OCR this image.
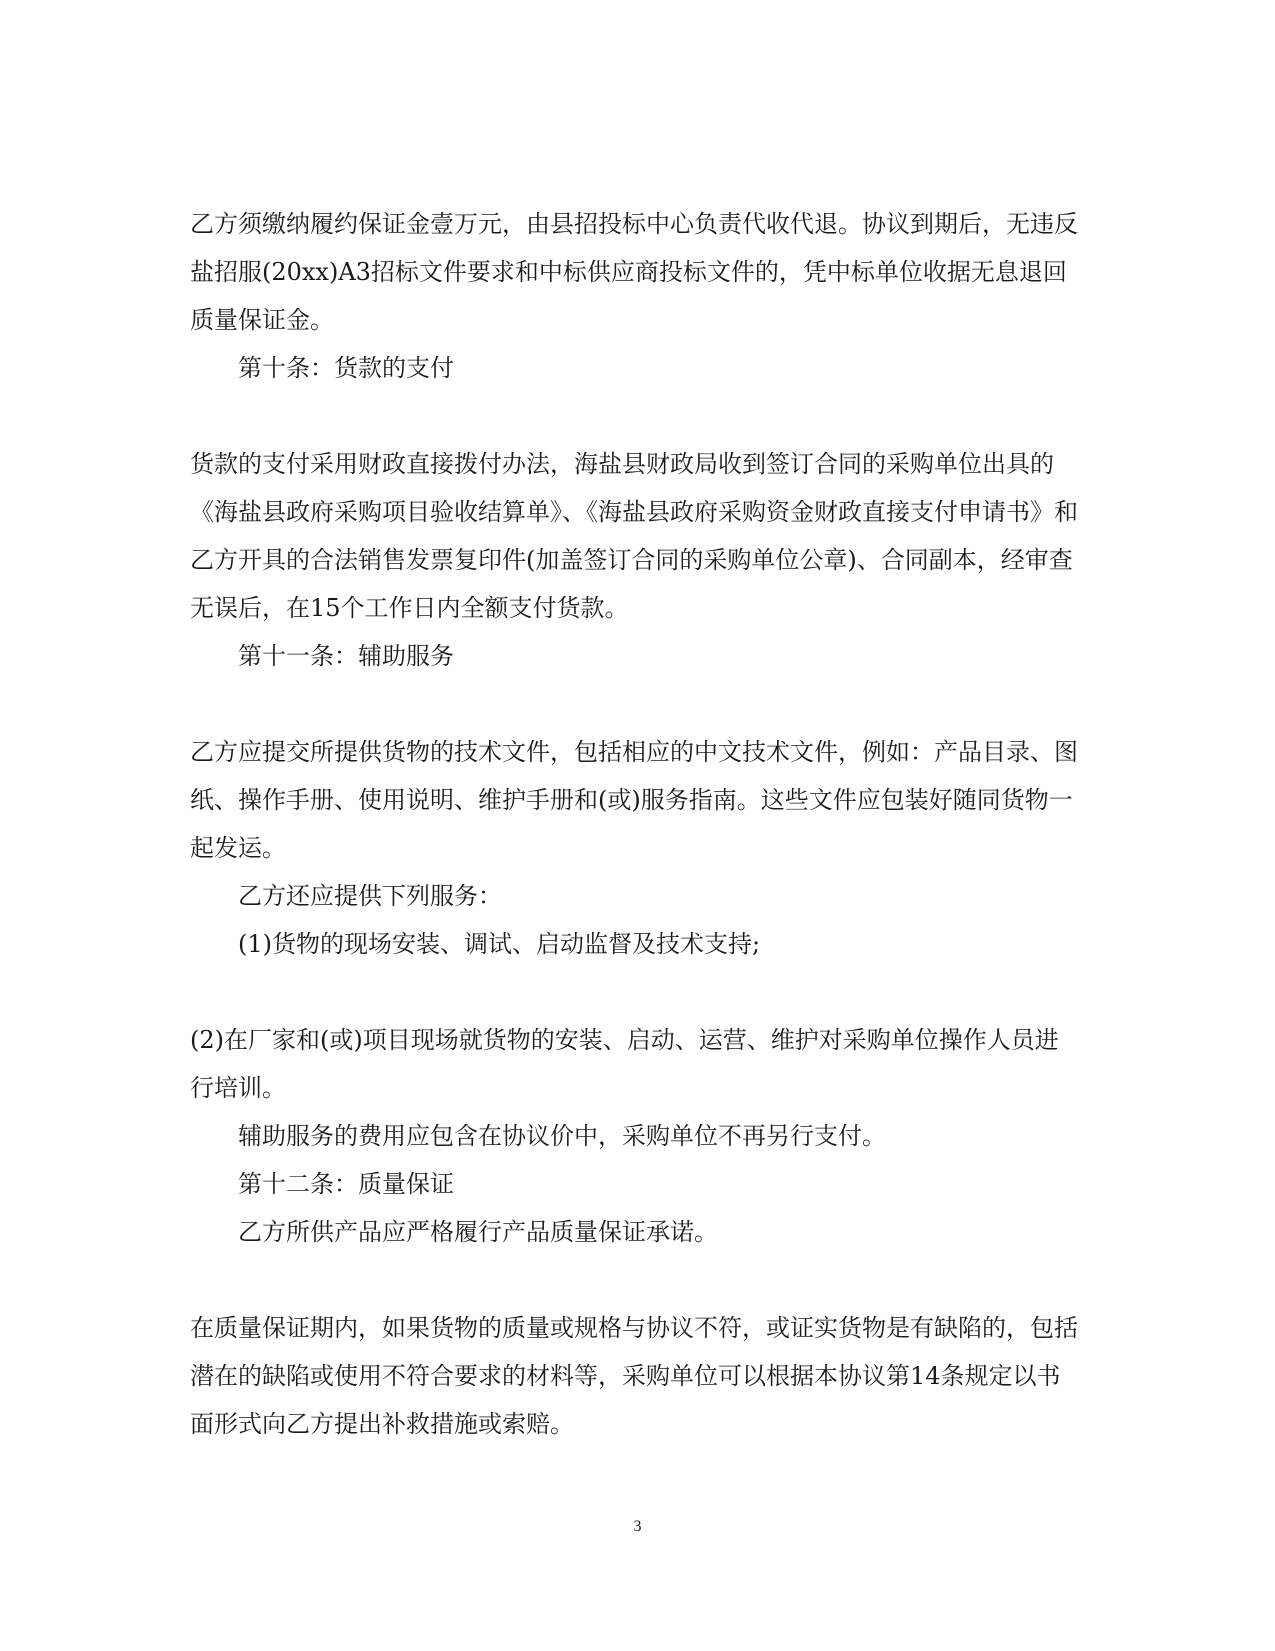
乙方须缴纳履约保证金壹万元，由县招投标中心负责代收代退。协议到期后，无违反盐招服(20xx)A3招标文件要求和中标供应商投标文件的，凭中标单位收据无息退回质量保证金。

第十条：货款的支付

货款的支付采用财政直接拨付办法，海盐县财政局收到签订合同的采购单位出具的《海盐县政府采购项目验收结算单》、《海盐县政府采购资金财政直接支付申请书》和乙方开具的合法销售发票复印件(加盖签订合同的采购单位公章)、合同副本，经审查无误后，在15个工作日内全额支付货款。

第十一条：辅助服务

乙方应提交所提供货物的技术文件，包括相应的中文技术文件，例如：产品目录、图纸、操作手册、使用说明、维护手册和(或)服务指南。这些文件应包装好随同货物一起发运。

乙方还应提供下列服务：

(1)货物的现场安装、调试、启动监督及技术支持;

(2)在厂家和(或)项目现场就货物的安装、启动、运营、维护对采购单位操作人员进行培训。

辅助服务的费用应包含在协议价中，采购单位不再另行支付。

第十二条：质量保证

乙方所供产品应严格履行产品质量保证承诺。

在质量保证期内，如果货物的质量或规格与协议不符，或证实货物是有缺陷的，包括潜在的缺陷或使用不符合要求的材料等，采购单位可以根据本协议第14条规定以书面形式向乙方提出补救措施或索赔。

3
